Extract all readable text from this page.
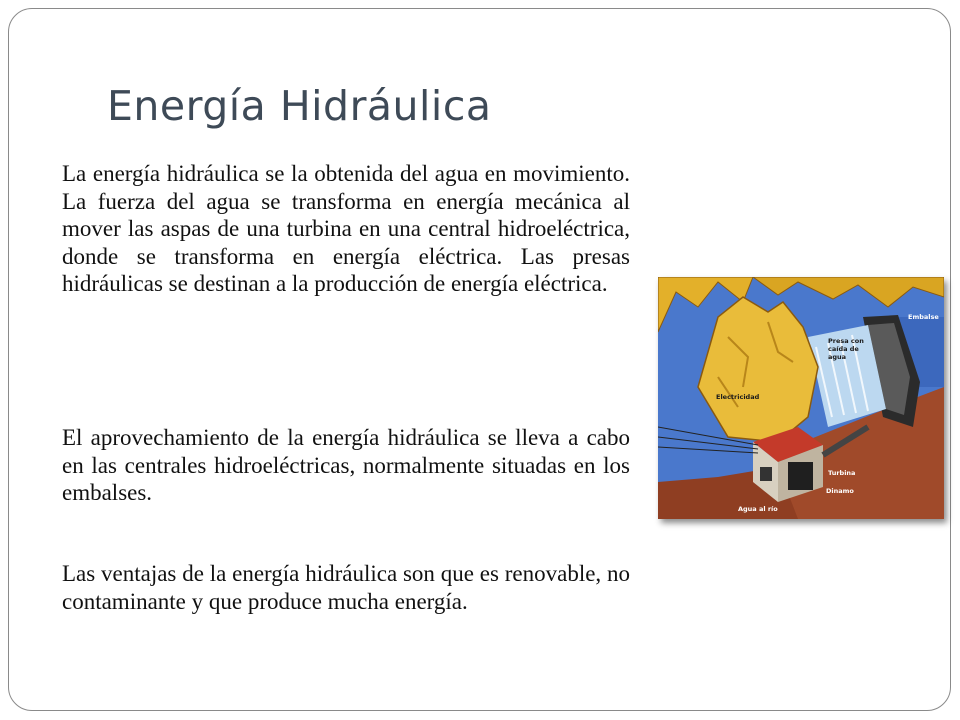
Energía Hidráulica

La energía hidráulica se la obtenida del agua en movimiento. La fuerza del agua se transforma en energía mecánica al mover las aspas de una turbina en una central hidroeléctrica, donde se transforma en energía eléctrica. Las presas hidráulicas se destinan a la producción de energía eléctrica.

El aprovechamiento de la energía hidráulica se lleva a cabo en las centrales hidroeléctricas, normalmente situadas en los embalses.

Las ventajas de la energía hidráulica son que es renovable, no contaminante y que produce mucha energía.

Embalse
Presa con
caída de
agua
Electricidad
Turbina
Dinamo
Agua al río
